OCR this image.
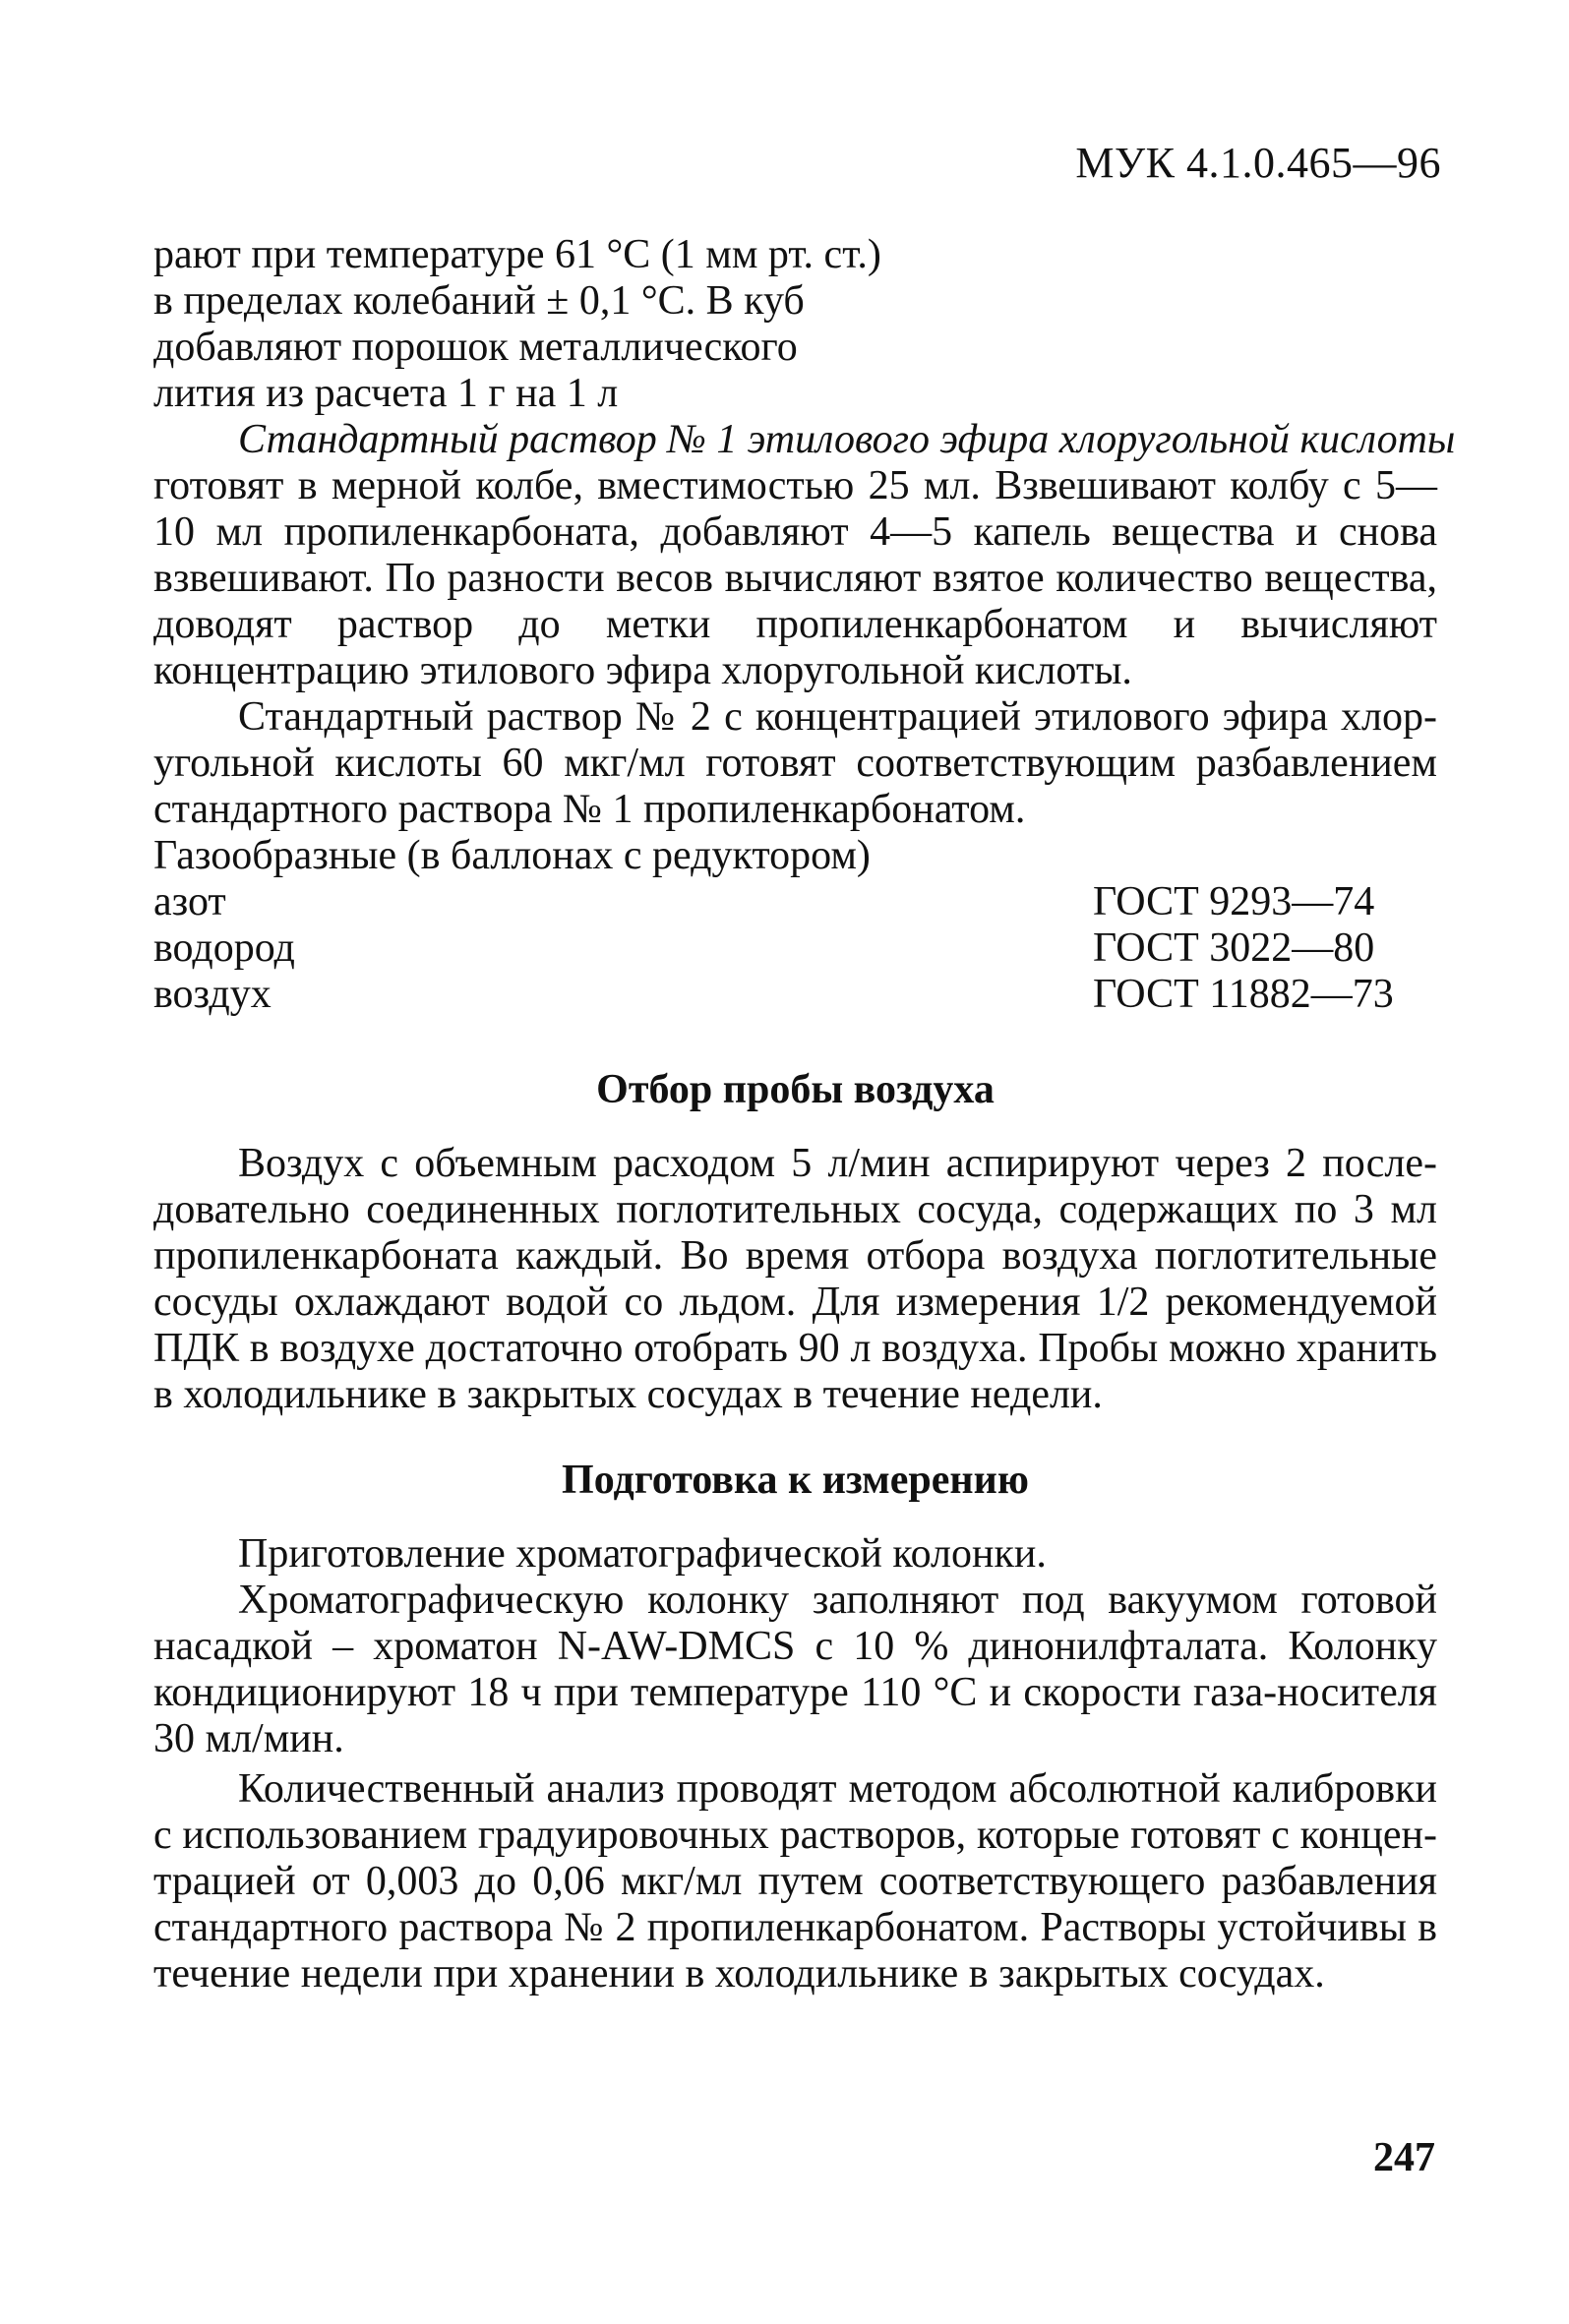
МУК 4.1.0.465—96
рают при температуре 61 °С (1 мм рт. ст.)
в пределах колебаний ± 0,1 °С. В куб
добавляют порошок металлического
лития из расчета 1 г на 1 л
Стандартный раствор № 1 этилового эфира хлоругольной кислоты
готовят в мерной колбе, вместимостью 25 мл. Взвешивают колбу с 5—
10 мл пропиленкарбоната, добавляют 4—5 капель вещества и снова
взвешивают. По разности весов вычисляют взятое количество вещества,
доводят раствор до метки пропиленкарбонатом и вычисляют
концентрацию этилового эфира хлоругольной кислоты.
Стандартный раствор № 2 с концентрацией этилового эфира хлор-
угольной кислоты 60 мкг/мл готовят соответствующим разбавлением
стандартного раствора № 1 пропиленкарбонатом.
Газообразные (в баллонах с редуктором)
азот	ГОСТ 9293—74
водород	ГОСТ 3022—80
воздух	ГОСТ 11882—73
Отбор пробы воздуха
Воздух с объемным расходом 5 л/мин аспирируют через 2 после-
довательно соединенных поглотительных сосуда, содержащих по 3 мл
пропиленкарбоната каждый. Во время отбора воздуха поглотительные
сосуды охлаждают водой со льдом. Для измерения 1/2 рекомендуемой
ПДК в воздухе достаточно отобрать 90 л воздуха. Пробы можно хранить
в холодильнике в закрытых сосудах в течение недели.
Подготовка к измерению
Приготовление хроматографической колонки.
Хроматографическую колонку заполняют под вакуумом готовой
насадкой – хроматон N-AW-DMCS с 10 % динонилфталата. Колонку
кондиционируют 18 ч при температуре 110 °С и скорости газа-носителя
30 мл/мин.
Количественный анализ проводят методом абсолютной калибровки
с использованием градуировочных растворов, которые готовят с концен-
трацией от 0,003 до 0,06 мкг/мл путем соответствующего разбавления
стандартного раствора № 2 пропиленкарбонатом. Растворы устойчивы в
течение недели при хранении в холодильнике в закрытых сосудах.
247
